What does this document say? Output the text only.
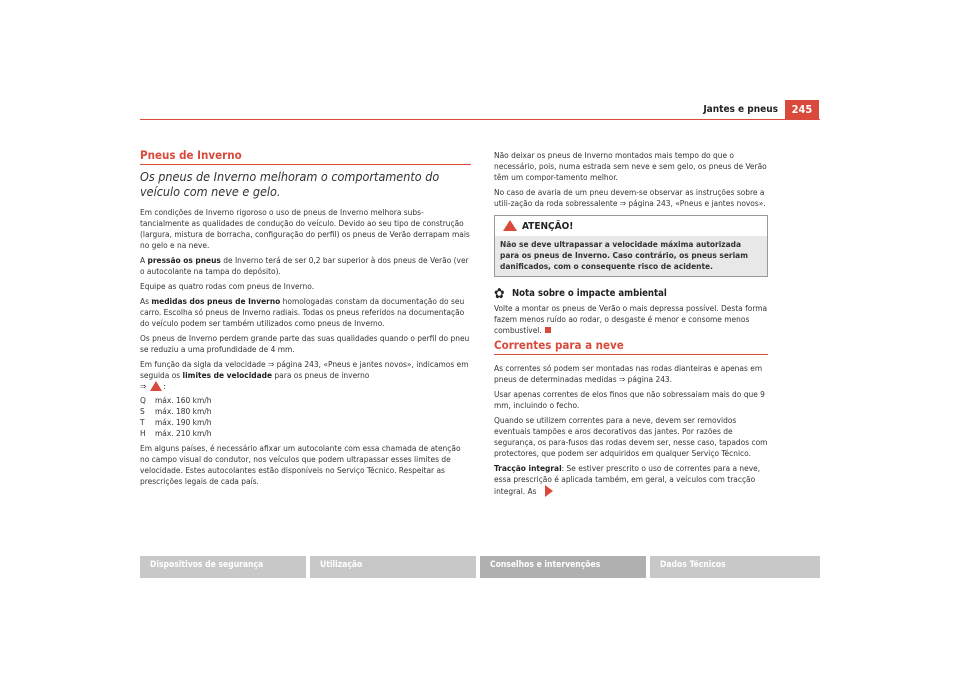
Jantes e pneus	245
Pneus de Inverno
Os pneus de Inverno melhoram o comportamento do veículo com neve e gelo.

Em condições de Inverno rigoroso o uso de pneus de Inverno melhora subs-tancialmente as qualidades de condução do veículo. Devido ao seu tipo de construção (largura, mistura de borracha, configuração do perfil) os pneus de Verão derrapam mais no gelo e na neve.

A pressão os pneus de Inverno terá de ser 0,2 bar superior à dos pneus de Verão (ver o autocolante na tampa do depósito).

Equipe as quatro rodas com pneus de Inverno.

As medidas dos pneus de Inverno homologadas constam da documentação do seu carro. Escolha só pneus de Inverno radiais. Todas os pneus referidos na documentação do veículo podem ser também utilizados como pneus de Inverno.

Os pneus de Inverno perdem grande parte das suas qualidades quando o perfil do pneu se reduziu a uma profundidade de 4 mm.

Em função da sigla da velocidade ⇒ página 243, «Pneus e jantes novos», indicamos em seguida os limites de velocidade para os pneus de inverno
⇒ :

Q máx. 160 km/h
S máx. 180 km/h
T máx. 190 km/h
H máx. 210 km/h

Em alguns países, é necessário afixar um autocolante com essa chamada de atenção no campo visual do condutor, nos veículos que podem ultrapassar esses limites de velocidade. Estes autocolantes estão disponíveis no Serviço Técnico. Respeitar as prescrições legais de cada país.

Não deixar os pneus de Inverno montados mais tempo do que o necessário, pois, numa estrada sem neve e sem gelo, os pneus de Verão têm um compor-tamento melhor.

No caso de avaria de um pneu devem-se observar as instruções sobre a utili-zação da roda sobressalente ⇒ página 243, «Pneus e jantes novos».

ATENÇÃO!
Não se deve ultrapassar a velocidade máxima autorizada para os pneus de Inverno. Caso contrário, os pneus seriam danificados, com o consequente risco de acidente.
✿ Nota sobre o impacte ambiental

Volte a montar os pneus de Verão o mais depressa possível. Desta forma fazem menos ruído ao rodar, o desgaste é menor e consome menos combustível.

Correntes para a neve

As correntes só podem ser montadas nas rodas dianteiras e apenas em pneus de determinadas medidas ⇒ página 243.

Usar apenas correntes de elos finos que não sobressaiam mais do que 9 mm, incluindo o fecho.

Quando se utilizem correntes para a neve, devem ser removidos eventuais tampões e aros decorativos das jantes. Por razões de segurança, os para-fusos das rodas devem ser, nesse caso, tapados com protectores, que podem ser adquiridos em qualquer Serviço Técnico.

Tracção integral: Se estiver prescrito o uso de correntes para a neve, essa prescrição é aplicada também, em geral, a veículos com tracção integral. As

Dispositivos de segurança	Utilização	Conselhos e intervenções	Dados Técnicos
